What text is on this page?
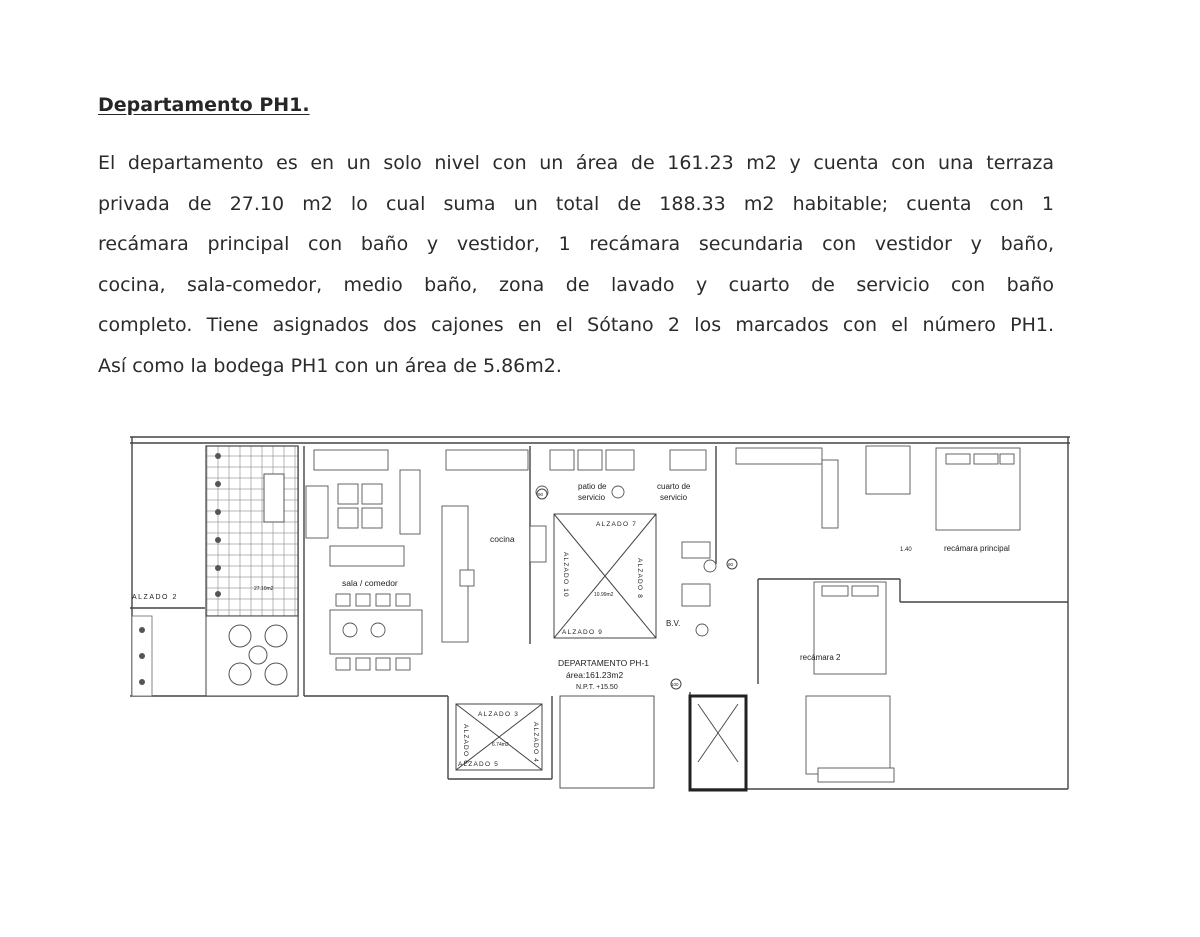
Departamento PH1.

El departamento es en un solo nivel con un área de 161.23 m2 y cuenta con una terraza
privada de 27.10 m2 lo cual suma un total de 188.33 m2 habitable; cuenta con 1
recámara principal con baño y vestidor, 1 recámara secundaria con vestidor y baño,
cocina, sala-comedor, medio baño, zona de lavado y cuarto de servicio con baño
completo. Tiene asignados dos cajones en el Sótano 2 los marcados con el número PH1.
Así como la bodega PH1 con un área de 5.86m2.

ALZADO 2
27.10m2
sala / comedor
cocina
patio de
servicio
cuarto de
servicio
ALZADO 7
ALZADO 9
ALZADO 10	ALZADO 8
10.99m2
B.V.
recámara principal
1.40
recámara 2
DEPARTAMENTO PH-1
área:161.23m2
N.P.T. +15.50
ALZADO 3
ALZADO 5
ALZADO 4
ALZADO 6	6.74m2
90
80
100
